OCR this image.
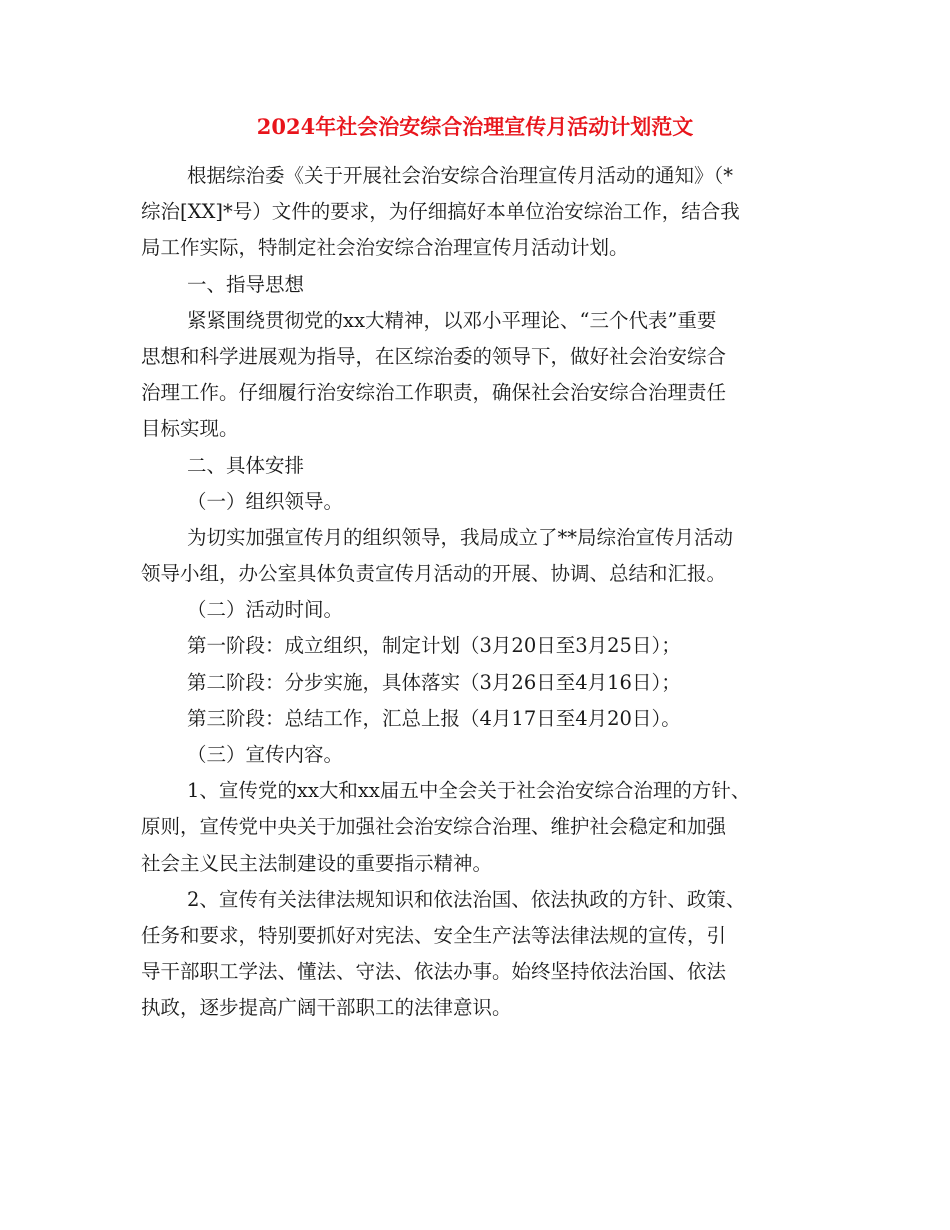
2024年社会治安综合治理宣传月活动计划范文
根据综治委《关于开展社会治安综合治理宣传月活动的通知》（*
综治[XX]*号）文件的要求，为仔细搞好本单位治安综治工作，结合我
局工作实际，特制定社会治安综合治理宣传月活动计划。
一、指导思想
紧紧围绕贯彻党的xx大精神，以邓小平理论、“三个代表”重要
思想和科学进展观为指导，在区综治委的领导下，做好社会治安综合
治理工作。仔细履行治安综治工作职责，确保社会治安综合治理责任
目标实现。
二、具体安排
（一）组织领导。
为切实加强宣传月的组织领导，我局成立了**局综治宣传月活动
领导小组，办公室具体负责宣传月活动的开展、协调、总结和汇报。
（二）活动时间。
第一阶段：成立组织，制定计划（3月20日至3月25日）；
第二阶段：分步实施，具体落实（3月26日至4月16日）；
第三阶段：总结工作，汇总上报（4月17日至4月20日）。
（三）宣传内容。
1、宣传党的xx大和xx届五中全会关于社会治安综合治理的方针、
原则，宣传党中央关于加强社会治安综合治理、维护社会稳定和加强
社会主义民主法制建设的重要指示精神。
2、宣传有关法律法规知识和依法治国、依法执政的方针、政策、
任务和要求，特别要抓好对宪法、安全生产法等法律法规的宣传，引
导干部职工学法、懂法、守法、依法办事。始终坚持依法治国、依法
执政，逐步提高广阔干部职工的法律意识。
